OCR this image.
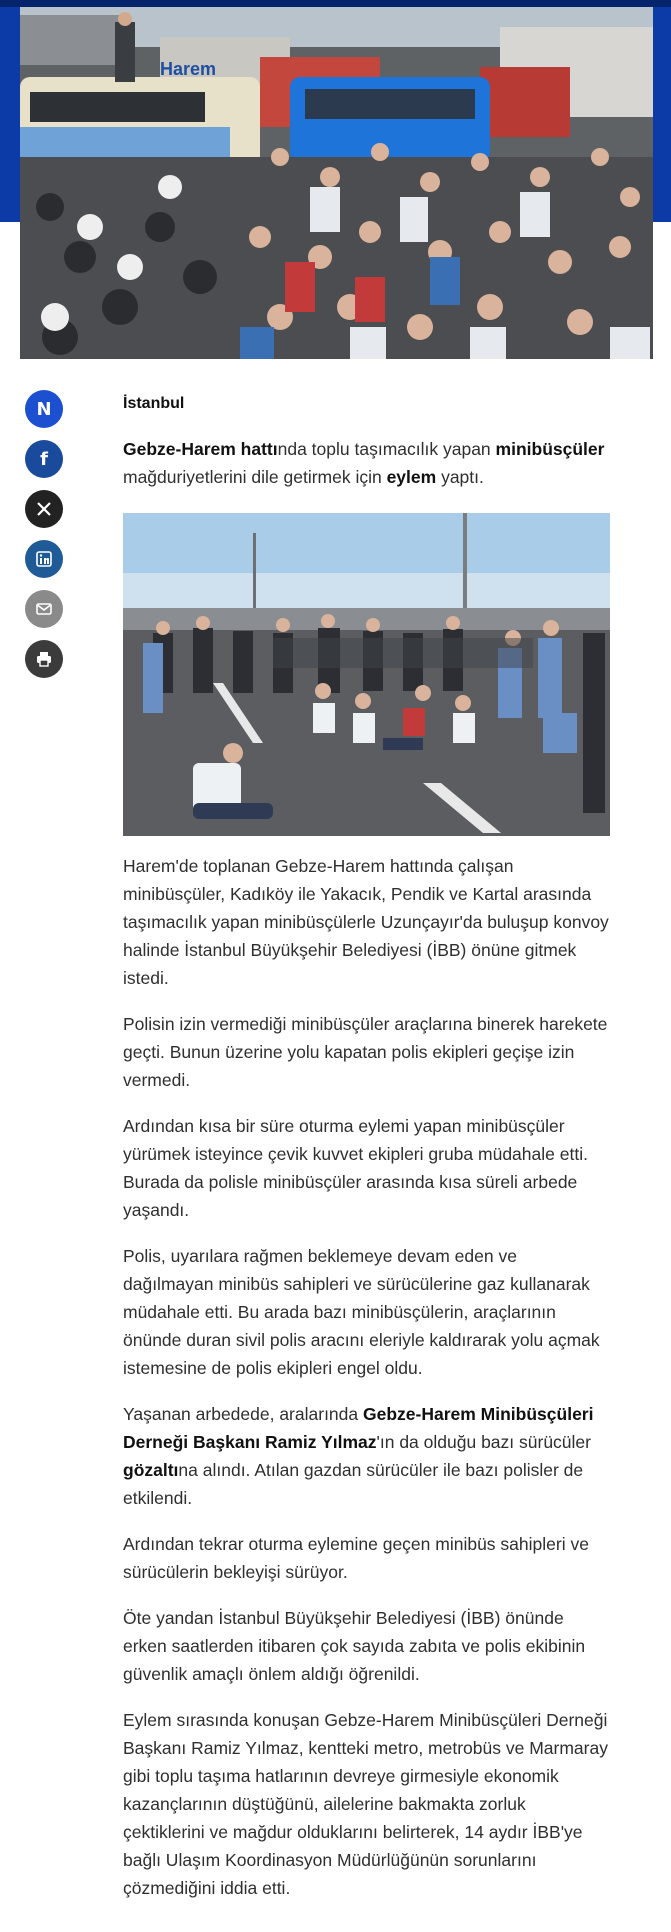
Harem
N
f
İstanbul

Gebze-Harem hattında toplu taşımacılık yapan minibüsçüler mağduriyetlerini dile getirmek için eylem yaptı.

Harem'de toplanan Gebze-Harem hattında çalışan minibüsçüler, Kadıköy ile Yakacık, Pendik ve Kartal arasında taşımacılık yapan minibüsçülerle Uzunçayır'da buluşup konvoy halinde İstanbul Büyükşehir Belediyesi (İBB) önüne gitmek istedi.

Polisin izin vermediği minibüsçüler araçlarına binerek harekete geçti. Bunun üzerine yolu kapatan polis ekipleri geçişe izin vermedi.

Ardından kısa bir süre oturma eylemi yapan minibüsçüler yürümek isteyince çevik kuvvet ekipleri gruba müdahale etti. Burada da polisle minibüsçüler arasında kısa süreli arbede yaşandı.

Polis, uyarılara rağmen beklemeye devam eden ve dağılmayan minibüs sahipleri ve sürücülerine gaz kullanarak müdahale etti. Bu arada bazı minibüsçülerin, araçlarının önünde duran sivil polis aracını eleriyle kaldırarak yolu açmak istemesine de polis ekipleri engel oldu.

Yaşanan arbedede, aralarında Gebze-Harem Minibüsçüleri Derneği Başkanı Ramiz Yılmaz'ın da olduğu bazı sürücüler gözaltına alındı. Atılan gazdan sürücüler ile bazı polisler de etkilendi.

Ardından tekrar oturma eylemine geçen minibüs sahipleri ve sürücülerin bekleyişi sürüyor.

Öte yandan İstanbul Büyükşehir Belediyesi (İBB) önünde erken saatlerden itibaren çok sayıda zabıta ve polis ekibinin güvenlik amaçlı önlem aldığı öğrenildi.

Eylem sırasında konuşan Gebze-Harem Minibüsçüleri Derneği Başkanı Ramiz Yılmaz, kentteki metro, metrobüs ve Marmaray gibi toplu taşıma hatlarının devreye girmesiyle ekonomik kazançlarının düştüğünü, ailelerine bakmakta zorluk çektiklerini ve mağdur olduklarını belirterek, 14 aydır İBB'ye bağlı Ulaşım Koordinasyon Müdürlüğünün sorunlarını çözmediğini iddia etti.
